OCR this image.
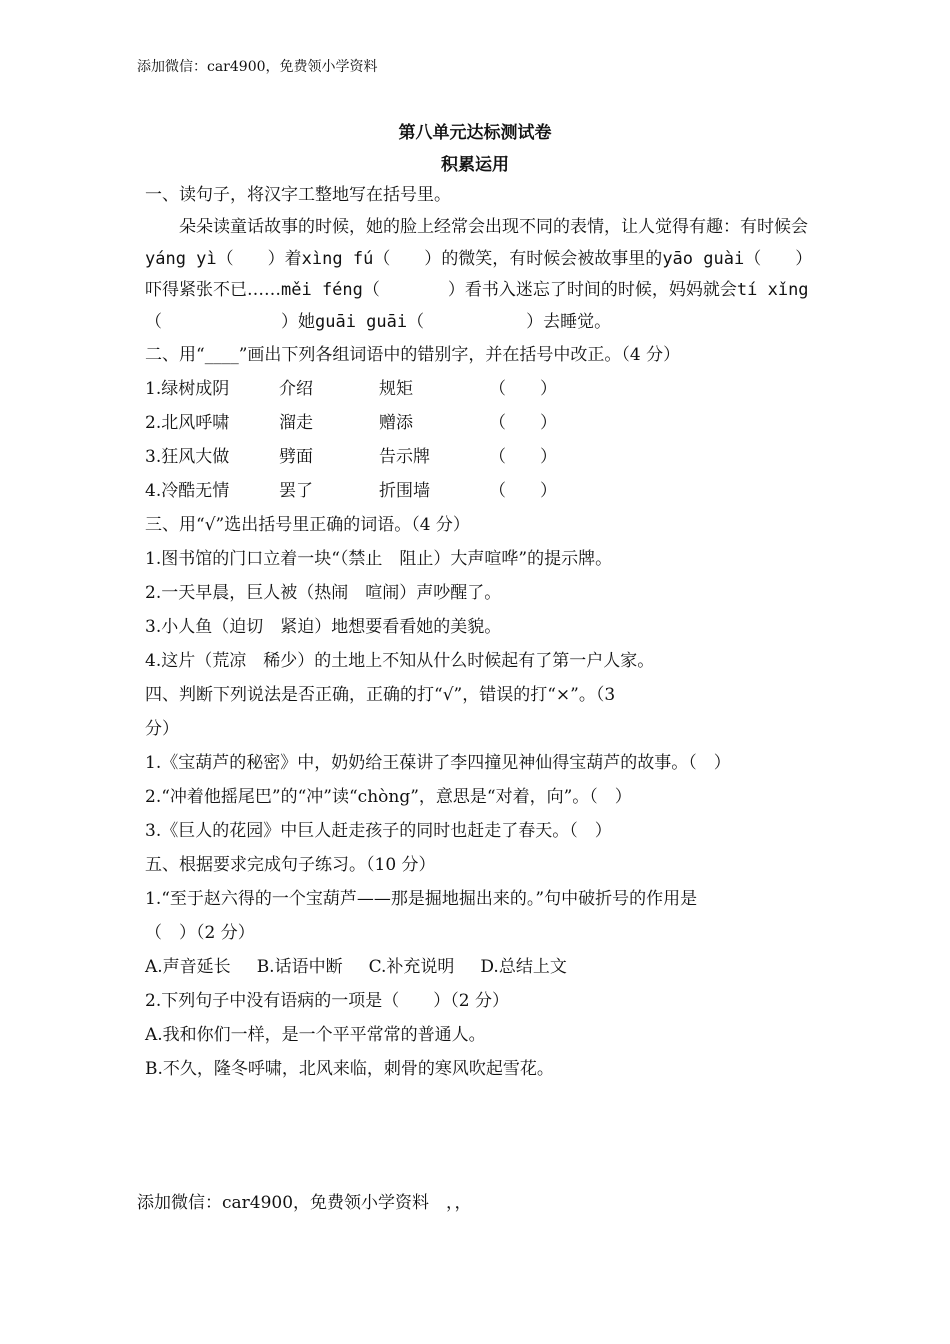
添加微信：car4900，免费领小学资料
第八单元达标测试卷
积累运用
一、读句子，将汉字工整地写在括号里。
朵朵读童话故事的时候，她的脸上经常会出现不同的表情，让人觉得有趣：有时候会yáng yì（　　）着xìng fú（　　）的微笑，有时候会被故事里的yāo guài（　　）吓得紧张不已……měi féng（　　　　）看书入迷忘了时间的时候，妈妈就会tí xǐng（　　　　　　　）她guāi guāi（　　　　　　）去睡觉。
二、用“____”画出下列各组词语中的错别字，并在括号中改正。（4 分）
1.绿树成阴	介绍	规矩	（　　）
2.北风呼啸	溜走	赠添	（　　）
3.狂风大做	劈面	告示牌	（　　）
4.冷酷无情	罢了	折围墙	（　　）
三、用“√”选出括号里正确的词语。（4 分）
1.图书馆的门口立着一块“（禁止　阻止）大声喧哗”的提示牌。
2.一天早晨，巨人被（热闹　喧闹）声吵醒了。
3.小人鱼（迫切　紧迫）地想要看看她的美貌。
4.这片（荒凉　稀少）的土地上不知从什么时候起有了第一户人家。
四、判断下列说法是否正确，正确的打“√”，错误的打“×”。（3
分）
1.《宝葫芦的秘密》中，奶奶给王葆讲了李四撞见神仙得宝葫芦的故事。（　）
2.“冲着他摇尾巴”的“冲”读“chòng”，意思是“对着，向”。（　）
3.《巨人的花园》中巨人赶走孩子的同时也赶走了春天。（　）
五、根据要求完成句子练习。（10 分）
1.“至于赵六得的一个宝葫芦——那是掘地掘出来的。”句中破折号的作用是
（　）（2 分）
A.声音延长 B.话语中断 C.补充说明 D.总结上文
2.下列句子中没有语病的一项是（　　）（2 分）
A.我和你们一样，是一个平平常常的普通人。
B.不久，隆冬呼啸，北风来临，刺骨的寒风吹起雪花。
添加微信：car4900，免费领小学资料　，，
